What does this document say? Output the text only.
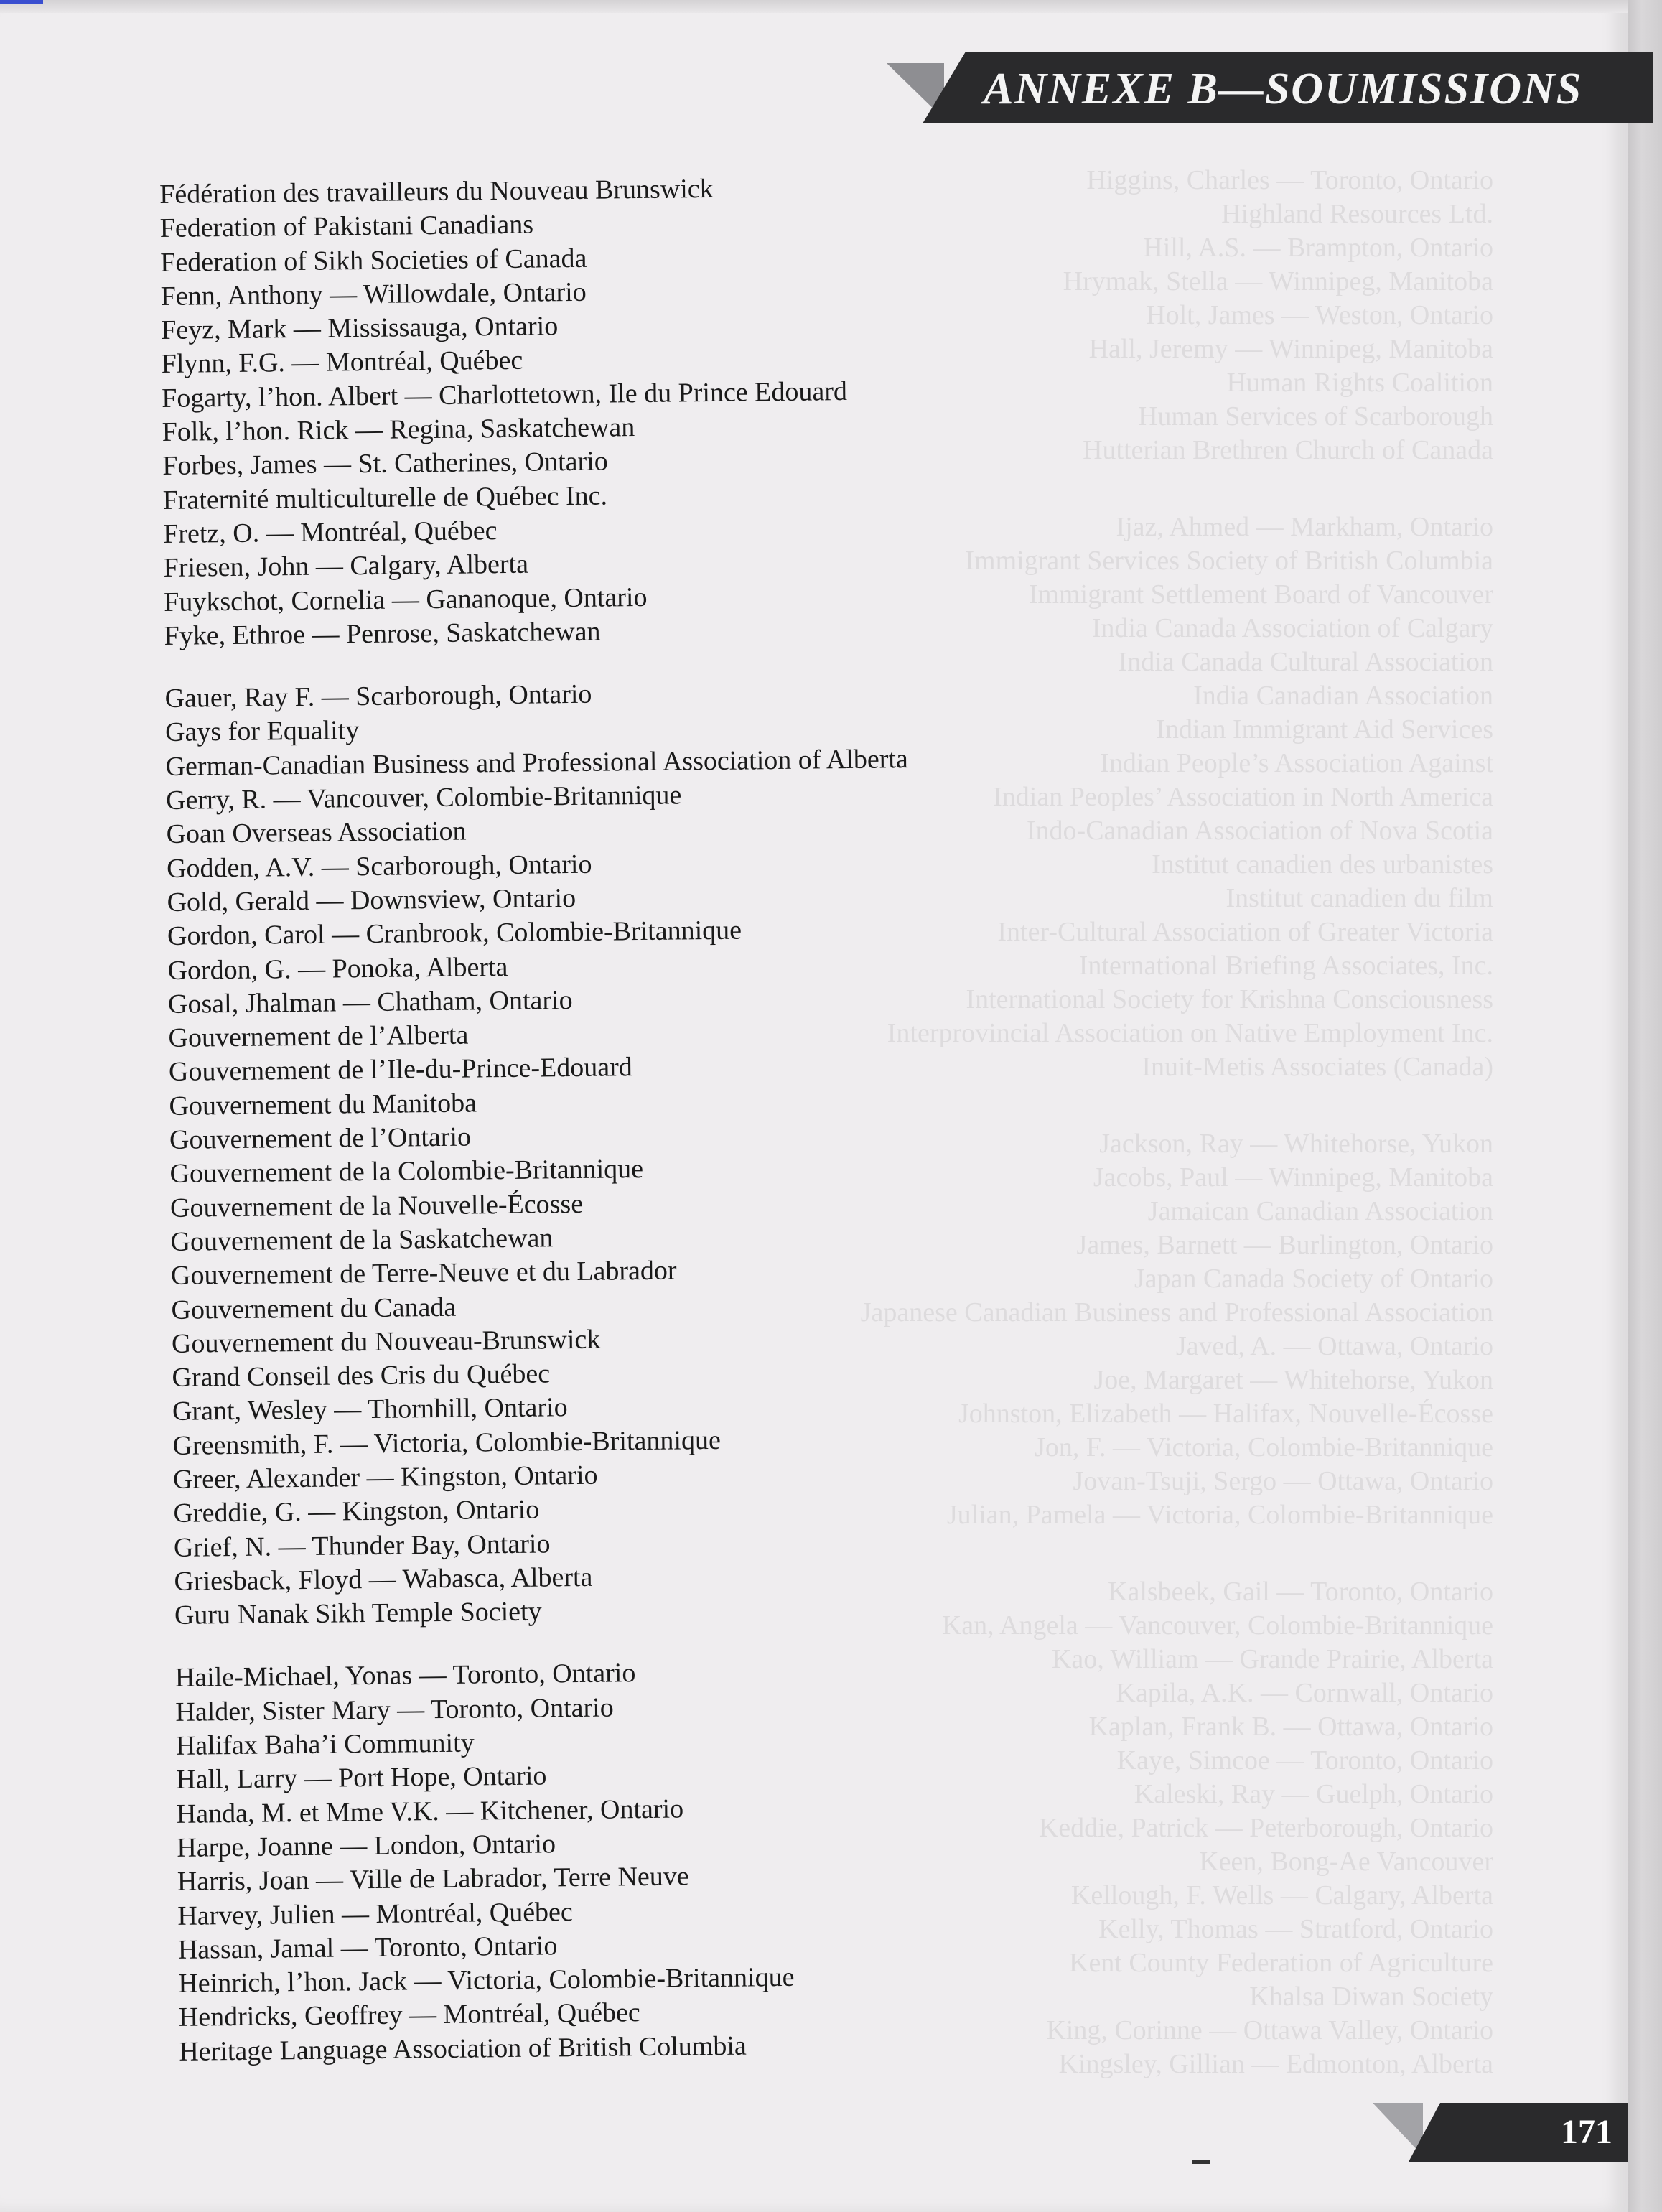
ANNEXE B—SOUMISSIONS
Higgins, Charles — Toronto, Ontario
Highland Resources Ltd.
Hill, A.S. — Brampton, Ontario
Hrymak, Stella — Winnipeg, Manitoba
Holt, James — Weston, Ontario
Hall, Jeremy — Winnipeg, Manitoba
Human Rights Coalition
Human Services of Scarborough
Hutterian Brethren Church of Canada
Ijaz, Ahmed — Markham, Ontario
Immigrant Services Society of British Columbia
Immigrant Settlement Board of Vancouver
India Canada Association of Calgary
India Canada Cultural Association
India Canadian Association
Indian Immigrant Aid Services
Indian People’s Association Against
Indian Peoples’ Association in North America
Indo-Canadian Association of Nova Scotia
Institut canadien des urbanistes
Institut canadien du film
Inter-Cultural Association of Greater Victoria
International Briefing Associates, Inc.
International Society for Krishna Consciousness
Interprovincial Association on Native Employment Inc.
Inuit-Metis Associates (Canada)
Jackson, Ray — Whitehorse, Yukon
Jacobs, Paul — Winnipeg, Manitoba
Jamaican Canadian Association
James, Barnett — Burlington, Ontario
Japan Canada Society of Ontario
Japanese Canadian Business and Professional Association
Javed, A. — Ottawa, Ontario
Joe, Margaret — Whitehorse, Yukon
Johnston, Elizabeth — Halifax, Nouvelle-Écosse
Jon, F. — Victoria, Colombie-Britannique
Jovan-Tsuji, Sergo — Ottawa, Ontario
Julian, Pamela — Victoria, Colombie-Britannique
Kalsbeek, Gail — Toronto, Ontario
Kan, Angela — Vancouver, Colombie-Britannique
Kao, William — Grande Prairie, Alberta
Kapila, A.K. — Cornwall, Ontario
Kaplan, Frank B. — Ottawa, Ontario
Kaye, Simcoe — Toronto, Ontario
Kaleski, Ray — Guelph, Ontario
Keddie, Patrick — Peterborough, Ontario
Keen, Bong-Ae Vancouver
Kellough, F. Wells — Calgary, Alberta
Kelly, Thomas — Stratford, Ontario
Kent County Federation of Agriculture
Khalsa Diwan Society
King, Corinne — Ottawa Valley, Ontario
Kingsley, Gillian — Edmonton, Alberta
Fédération des travailleurs du Nouveau Brunswick
Federation of Pakistani Canadians
Federation of Sikh Societies of Canada
Fenn, Anthony — Willowdale, Ontario
Feyz, Mark — Mississauga, Ontario
Flynn, F.G. — Montréal, Québec
Fogarty, l’hon. Albert — Charlottetown, Ile du Prince Edouard
Folk, l’hon. Rick — Regina, Saskatchewan
Forbes, James — St. Catherines, Ontario
Fraternité multiculturelle de Québec Inc.
Fretz, O. — Montréal, Québec
Friesen, John — Calgary, Alberta
Fuykschot, Cornelia — Gananoque, Ontario
Fyke, Ethroe — Penrose, Saskatchewan
Gauer, Ray F. — Scarborough, Ontario
Gays for Equality
German-Canadian Business and Professional Association of Alberta
Gerry, R. — Vancouver, Colombie-Britannique
Goan Overseas Association
Godden, A.V. — Scarborough, Ontario
Gold, Gerald — Downsview, Ontario
Gordon, Carol — Cranbrook, Colombie-Britannique
Gordon, G. — Ponoka, Alberta
Gosal, Jhalman — Chatham, Ontario
Gouvernement de l’Alberta
Gouvernement de l’Ile-du-Prince-Edouard
Gouvernement du Manitoba
Gouvernement de l’Ontario
Gouvernement de la Colombie-Britannique
Gouvernement de la Nouvelle-Écosse
Gouvernement de la Saskatchewan
Gouvernement de Terre-Neuve et du Labrador
Gouvernement du Canada
Gouvernement du Nouveau-Brunswick
Grand Conseil des Cris du Québec
Grant, Wesley — Thornhill, Ontario
Greensmith, F. — Victoria, Colombie-Britannique
Greer, Alexander — Kingston, Ontario
Greddie, G. — Kingston, Ontario
Grief, N. — Thunder Bay, Ontario
Griesback, Floyd — Wabasca, Alberta
Guru Nanak Sikh Temple Society
Haile-Michael, Yonas — Toronto, Ontario
Halder, Sister Mary — Toronto, Ontario
Halifax Baha’i Community
Hall, Larry — Port Hope, Ontario
Handa, M. et Mme V.K. — Kitchener, Ontario
Harpe, Joanne — London, Ontario
Harris, Joan — Ville de Labrador, Terre Neuve
Harvey, Julien — Montréal, Québec
Hassan, Jamal — Toronto, Ontario
Heinrich, l’hon. Jack — Victoria, Colombie-Britannique
Hendricks, Geoffrey — Montréal, Québec
Heritage Language Association of British Columbia
171
